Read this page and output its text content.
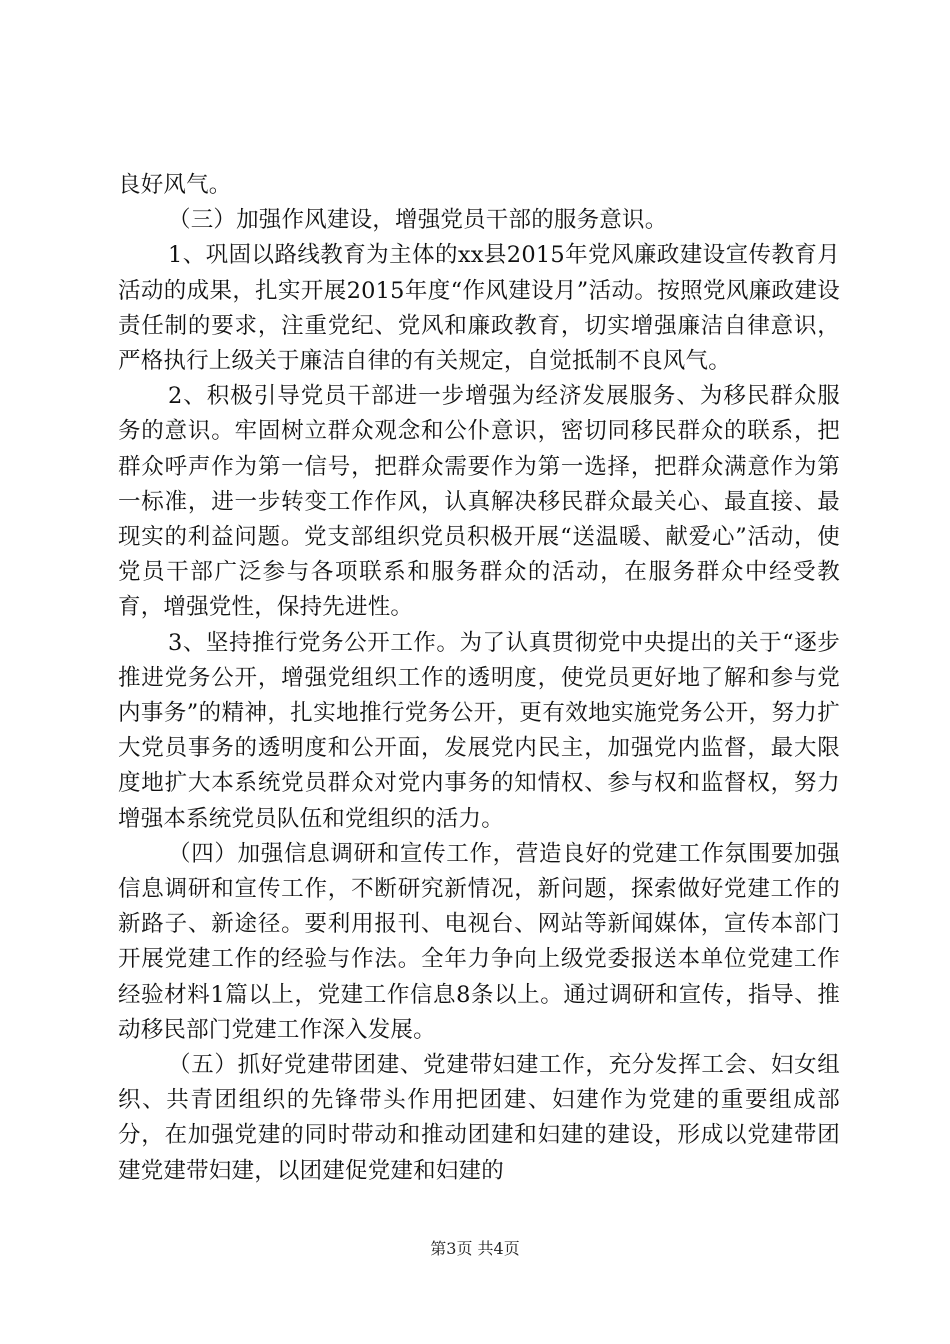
良好风气。

（三）加强作风建设，增强党员干部的服务意识。

1、巩固以路线教育为主体的xx县2015年党风廉政建设宣传教育月活动的成果，扎实开展2015年度“作风建设月”活动。按照党风廉政建设责任制的要求，注重党纪、党风和廉政教育，切实增强廉洁自律意识，严格执行上级关于廉洁自律的有关规定，自觉抵制不良风气。

2、积极引导党员干部进一步增强为经济发展服务、为移民群众服务的意识。牢固树立群众观念和公仆意识，密切同移民群众的联系，把群众呼声作为第一信号，把群众需要作为第一选择，把群众满意作为第一标准，进一步转变工作作风，认真解决移民群众最关心、最直接、最现实的利益问题。党支部组织党员积极开展“送温暖、献爱心”活动，使党员干部广泛参与各项联系和服务群众的活动，在服务群众中经受教育，增强党性，保持先进性。

3、坚持推行党务公开工作。为了认真贯彻党中央提出的关于“逐步推进党务公开，增强党组织工作的透明度，使党员更好地了解和参与党内事务”的精神，扎实地推行党务公开，更有效地实施党务公开，努力扩大党员事务的透明度和公开面，发展党内民主，加强党内监督，最大限度地扩大本系统党员群众对党内事务的知情权、参与权和监督权，努力增强本系统党员队伍和党组织的活力。

（四）加强信息调研和宣传工作，营造良好的党建工作氛围要加强信息调研和宣传工作，不断研究新情况，新问题，探索做好党建工作的新路子、新途径。要利用报刊、电视台、网站等新闻媒体，宣传本部门开展党建工作的经验与作法。全年力争向上级党委报送本单位党建工作经验材料1篇以上，党建工作信息8条以上。通过调研和宣传，指导、推动移民部门党建工作深入发展。

（五）抓好党建带团建、党建带妇建工作，充分发挥工会、妇女组织、共青团组织的先锋带头作用把团建、妇建作为党建的重要组成部分，在加强党建的同时带动和推动团建和妇建的建设，形成以党建带团建党建带妇建，以团建促党建和妇建的

第3页 共4页
